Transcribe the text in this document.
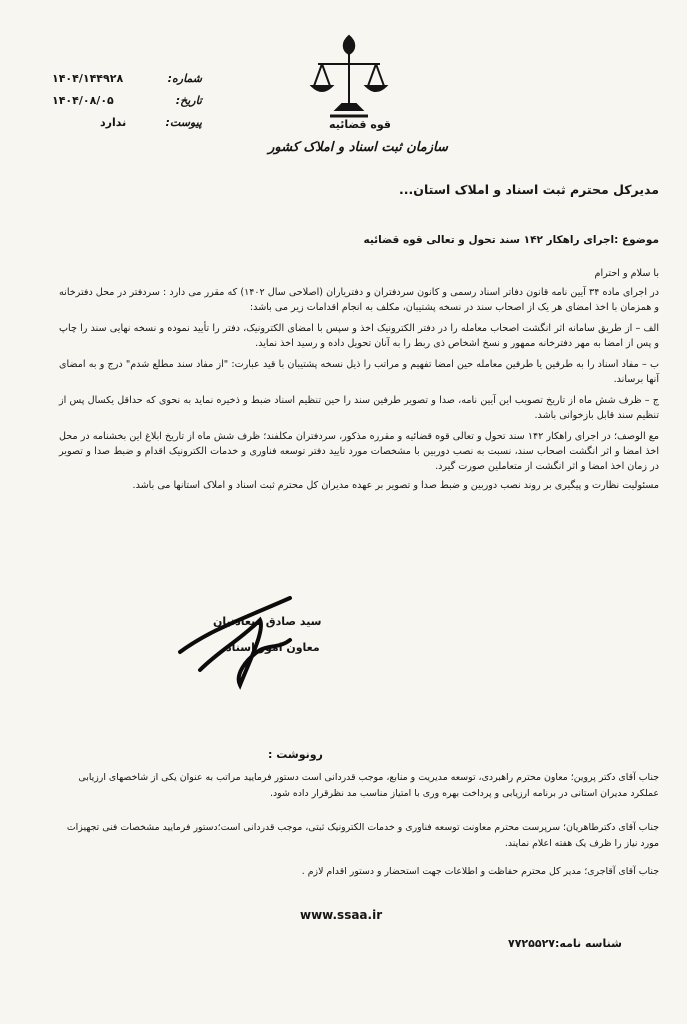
شماره:
۱۴۰۴/۱۴۴۹۲۸
تاریخ:
۱۴۰۴/۰۸/۰۵
پیوست:
ندارد	قوه قضائیه
سازمان ثبت اسناد و املاک کشور
مدیرکل محترم ثبت اسناد و املاک استان...
موضوع :اجرای راهکار ۱۴۲ سند تحول و تعالی قوه قضائیه

با سلام و احترام

در اجرای ماده ۳۴ آیین نامه قانون دفاتر اسناد رسمی و کانون سردفتران و دفتریاران (اصلاحی سال ۱۴۰۲) که مقرر می دارد : سردفتر در محل دفترخانه و همزمان با اخذ امضای هر یک از اصحاب سند در نسخه پشتیبان، مکلف به انجام اقدامات زیر می باشد:

الف – از طریق سامانه اثر انگشت اصحاب معامله را در دفتر الکترونیک اخذ و سپس با امضای الکترونیک، دفتر را تأیید نموده و نسخه نهایی سند را چاپ و پس از امضا به مهر دفترخانه ممهور و نسخ اشخاص ذی ربط را به آنان تحویل داده و رسید اخذ نماید.

ب – مفاد اسناد را به طرفین یا طرفین معامله حین امضا تفهیم و مراتب را ذیل نسخه پشتیبان با قید عبارت: "از مفاد سند مطلع شدم" درج و به امضای آنها برساند.

ج – ظرف شش ماه از تاریخ تصویب این آیین نامه، صدا و تصویر طرفین سند را حین تنظیم اسناد ضبط و ذخیره نماید به نحوی که حداقل یکسال پس از تنظیم سند قابل بازخوانی باشد.

مع الوصف؛ در اجرای راهکار ۱۴۲ سند تحول و تعالی قوه قضائیه و مقرره مذکور، سردفتران مکلفند؛ ظرف شش ماه از تاریخ ابلاغ این بخشنامه در محل اخذ امضا و اثر انگشت اصحاب سند، نسبت به نصب دوربین با مشخصات مورد تایید دفتر توسعه فناوری و خدمات الکترونیک اقدام و ضبط صدا و تصویر در زمان اخذ امضا و اثر انگشت از متعاملین صورت گیرد.

مسئولیت نظارت و پیگیری بر روند نصب دوربین و ضبط صدا و تصویر بر عهده مدیران کل محترم ثبت اسناد و املاک استانها می باشد.

سید صادق سعادتیان
معاون امور اسناد
رونوشت :
جناب آقای دکتر پروین؛ معاون محترم راهبردی، توسعه مدیریت و منابع، موجب قدردانی است دستور فرمایید مراتب به عنوان یکی از شاخصهای ارزیابی عملکرد مدیران استانی در برنامه ارزیابی و پرداخت بهره وری با امتیاز مناسب مد نظرقرار داده شود.
جناب آقای دکترطاهریان؛ سرپرست محترم معاونت توسعه فناوری و خدمات الکترونیک ثبتی، موجب قدردانی است؛دستور فرمایید مشخصات فنی تجهیزات مورد نیاز را ظرف یک هفته اعلام نمایند.
جناب آقای آقاجری؛ مدیر کل محترم حفاظت و اطلاعات جهت استحضار و دستور اقدام لازم .
www.ssaa.ir
شناسه نامه:۷۷۲۵۵۲۷
